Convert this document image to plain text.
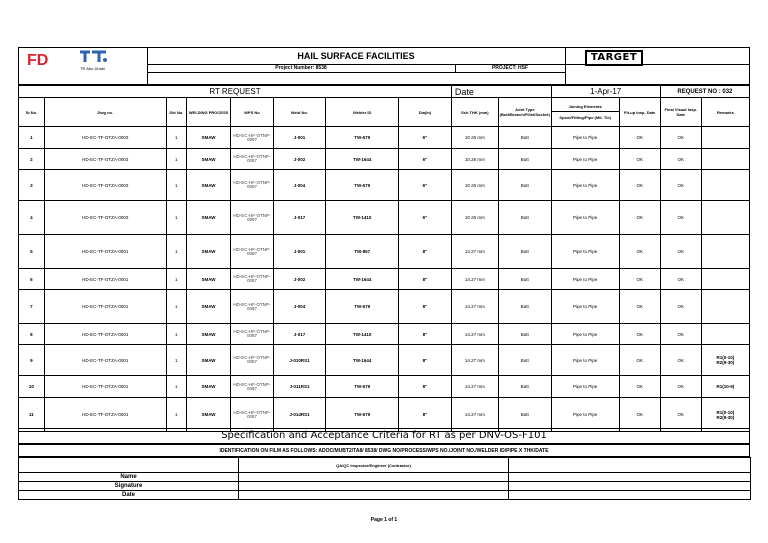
FD	TR Abu Dhabi
HAIL SURFACE FACILITIES
Project Number: 8538	PROJECT: HSF
TARGET
RT REQUEST								Date		1-Apr-17		REQUEST NO : 032	
Sr.No.	Dwg no.	Sht No.	WELDING PROCESS	WPS No	Weld No.	Welder ID	Dia(In)	Sch THK (mm)	Joint Type (Butt/Branch/Fillet/Socket)	Joining Elements
Spool/Fitting/Pipe (Mtl. Tie)	Fit-up Insp. Date	Final Visual Insp. Date	Remarks
1	HD-EC-TF-OTZA-0003	1	SMAW	HD-EC-HF-OTNP-0087	J-001	TW-679	6"	10.26 mm	Butt	Pipe to Pipe	OK	OK	
2	HD-EC-TF-OTZA-0003	1	SMAW	HD-EC-HF-OTNP-0087	J-002	TW-1644	6"	10.26 mm	Butt	Pipe to Pipe	OK	OK	
3	HD-EC-TF-OTZA-0003	1	SMAW	HD-EC-HF-OTNP-0087	J-004	TW-679	6"	10.26 mm	Butt	Pipe to Pipe	OK	OK	
4	HD-EC-TF-OTZA-0003	1	SMAW	HD-EC-HF-OTNP-0087	J-017	TW-1410	6"	10.26 mm	Butt	Pipe to Pipe	OK	OK	
5	HD-EC-TF-OTZA-0001	1	SMAW	HD-EC-HF-OTNP-0087	J-001	TW-857	8"	14.27 mm	Butt	Pipe to Pipe	OK	OK	
6	HD-EC-TF-OTZA-0001	1	SMAW	HD-EC-HF-OTNP-0087	J-002	TW-1644	8"	14.27 mm	Butt	Pipe to Pipe	OK	OK	
7	HD-EC-TF-OTZA-0001	1	SMAW	HD-EC-HF-OTNP-0087	J-004	TW-679	8"	14.27 mm	Butt	Pipe to Pipe	OK	OK	
8	HD-EC-TF-OTZA-0001	1	SMAW	HD-EC-HF-OTNP-0087	J-017	TW-1410	8"	14.27 mm	Butt	Pipe to Pipe	OK	OK	
9	HD-EC-TF-OTZA-0001	1	SMAW	HD-EC-HF-OTNP-0087	J-010RS1	TW-1644	8"	14.27 mm	Butt	Pipe to Pipe	OK	OK	R1(0-10)
R2(9-30)

10	HD-EC-TF-OTZA-0001	1	SMAW	HD-EC-HF-OTNP-0087	J-011RS1	TW-679	8"	14.27 mm	Butt	Pipe to Pipe	OK	OK	R1(10-9)

11	HD-EC-TF-OTZA-0001	1	SMAW	HD-EC-HF-OTNP-0087	J-014RS1	TW-679	8"	14.27 mm	Butt	Pipe to Pipe	OK	OK	R1(0-10)
R2(9-30)
Specification and Acceptance Criteria for RT as per DNV-OS-F101
IDENTIFICATION ON FILM AS FOLLOWS: ADOC/MUBT2/TA8/ 8538/ DWG NO/PROCESS/WPS NO./JOINT NO./WELDER ID/PIPE X THK/DATE
	QA/QC Inspector/Engineer (Contractor)	
Name		
Signature		
Date		
Page 1 of 1
